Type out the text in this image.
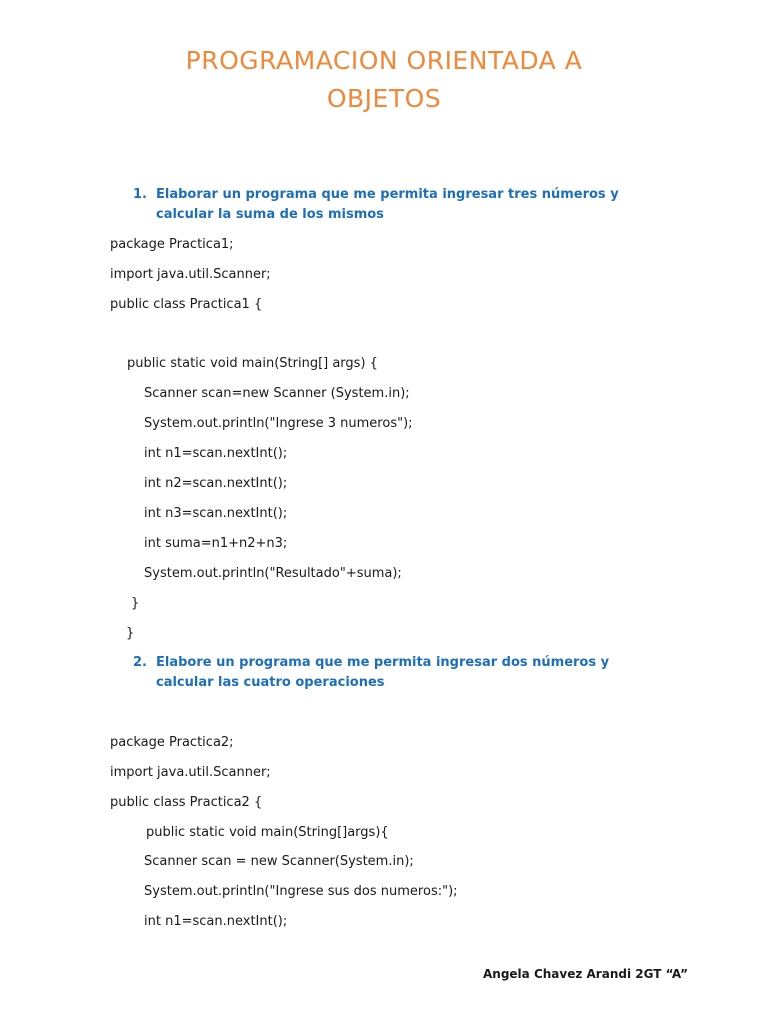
PROGRAMACION ORIENTADA A
OBJETOS
1. Elaborar un programa que me permita ingresar tres números y calcular la suma de los mismos
package Practica1;
import java.util.Scanner;
public class Practica1 {
public static void main(String[] args) {
Scanner scan=new Scanner (System.in);
System.out.println("Ingrese 3 numeros");
int n1=scan.nextInt();
int n2=scan.nextInt();
int n3=scan.nextInt();
int suma=n1+n2+n3;
System.out.println("Resultado"+suma);
}
}
2. Elabore un programa que me permita ingresar dos números y calcular las cuatro operaciones
package Practica2;
import java.util.Scanner;
public class Practica2 {
public static void main(String[]args){
Scanner scan = new Scanner(System.in);
System.out.println("Ingrese sus dos numeros:");
int n1=scan.nextInt();
Angela Chavez Arandi 2GT “A”
